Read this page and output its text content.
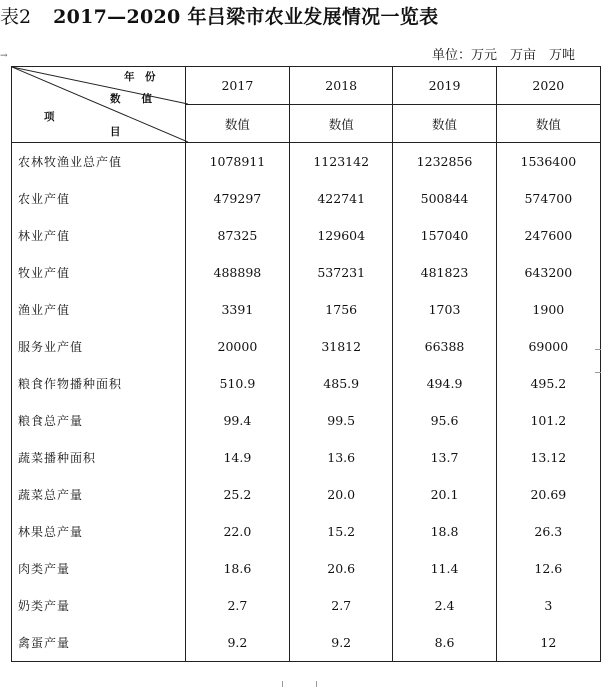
表2 2017—2020 年吕梁市农业发展情况一览表
单位：万元　万亩　万吨
→
年　份
数　　值
项
目	2017	2018	2019	2020
	数值	数值	数值	数值
农林牧渔业总产值	1078911	1123142	1232856	1536400
农业产值	479297	422741	500844	574700
林业产值	87325	129604	157040	247600
牧业产值	488898	537231	481823	643200
渔业产值	3391	1756	1703	1900
服务业产值	20000	31812	66388	69000
粮食作物播种面积	510.9	485.9	494.9	495.2
粮食总产量	99.4	99.5	95.6	101.2
蔬菜播种面积	14.9	13.6	13.7	13.12
蔬菜总产量	25.2	20.0	20.1	20.69
林果总产量	22.0	15.2	18.8	26.3
肉类产量	18.6	20.6	11.4	12.6
奶类产量	2.7	2.7	2.4	3
禽蛋产量	9.2	9.2	8.6	12
